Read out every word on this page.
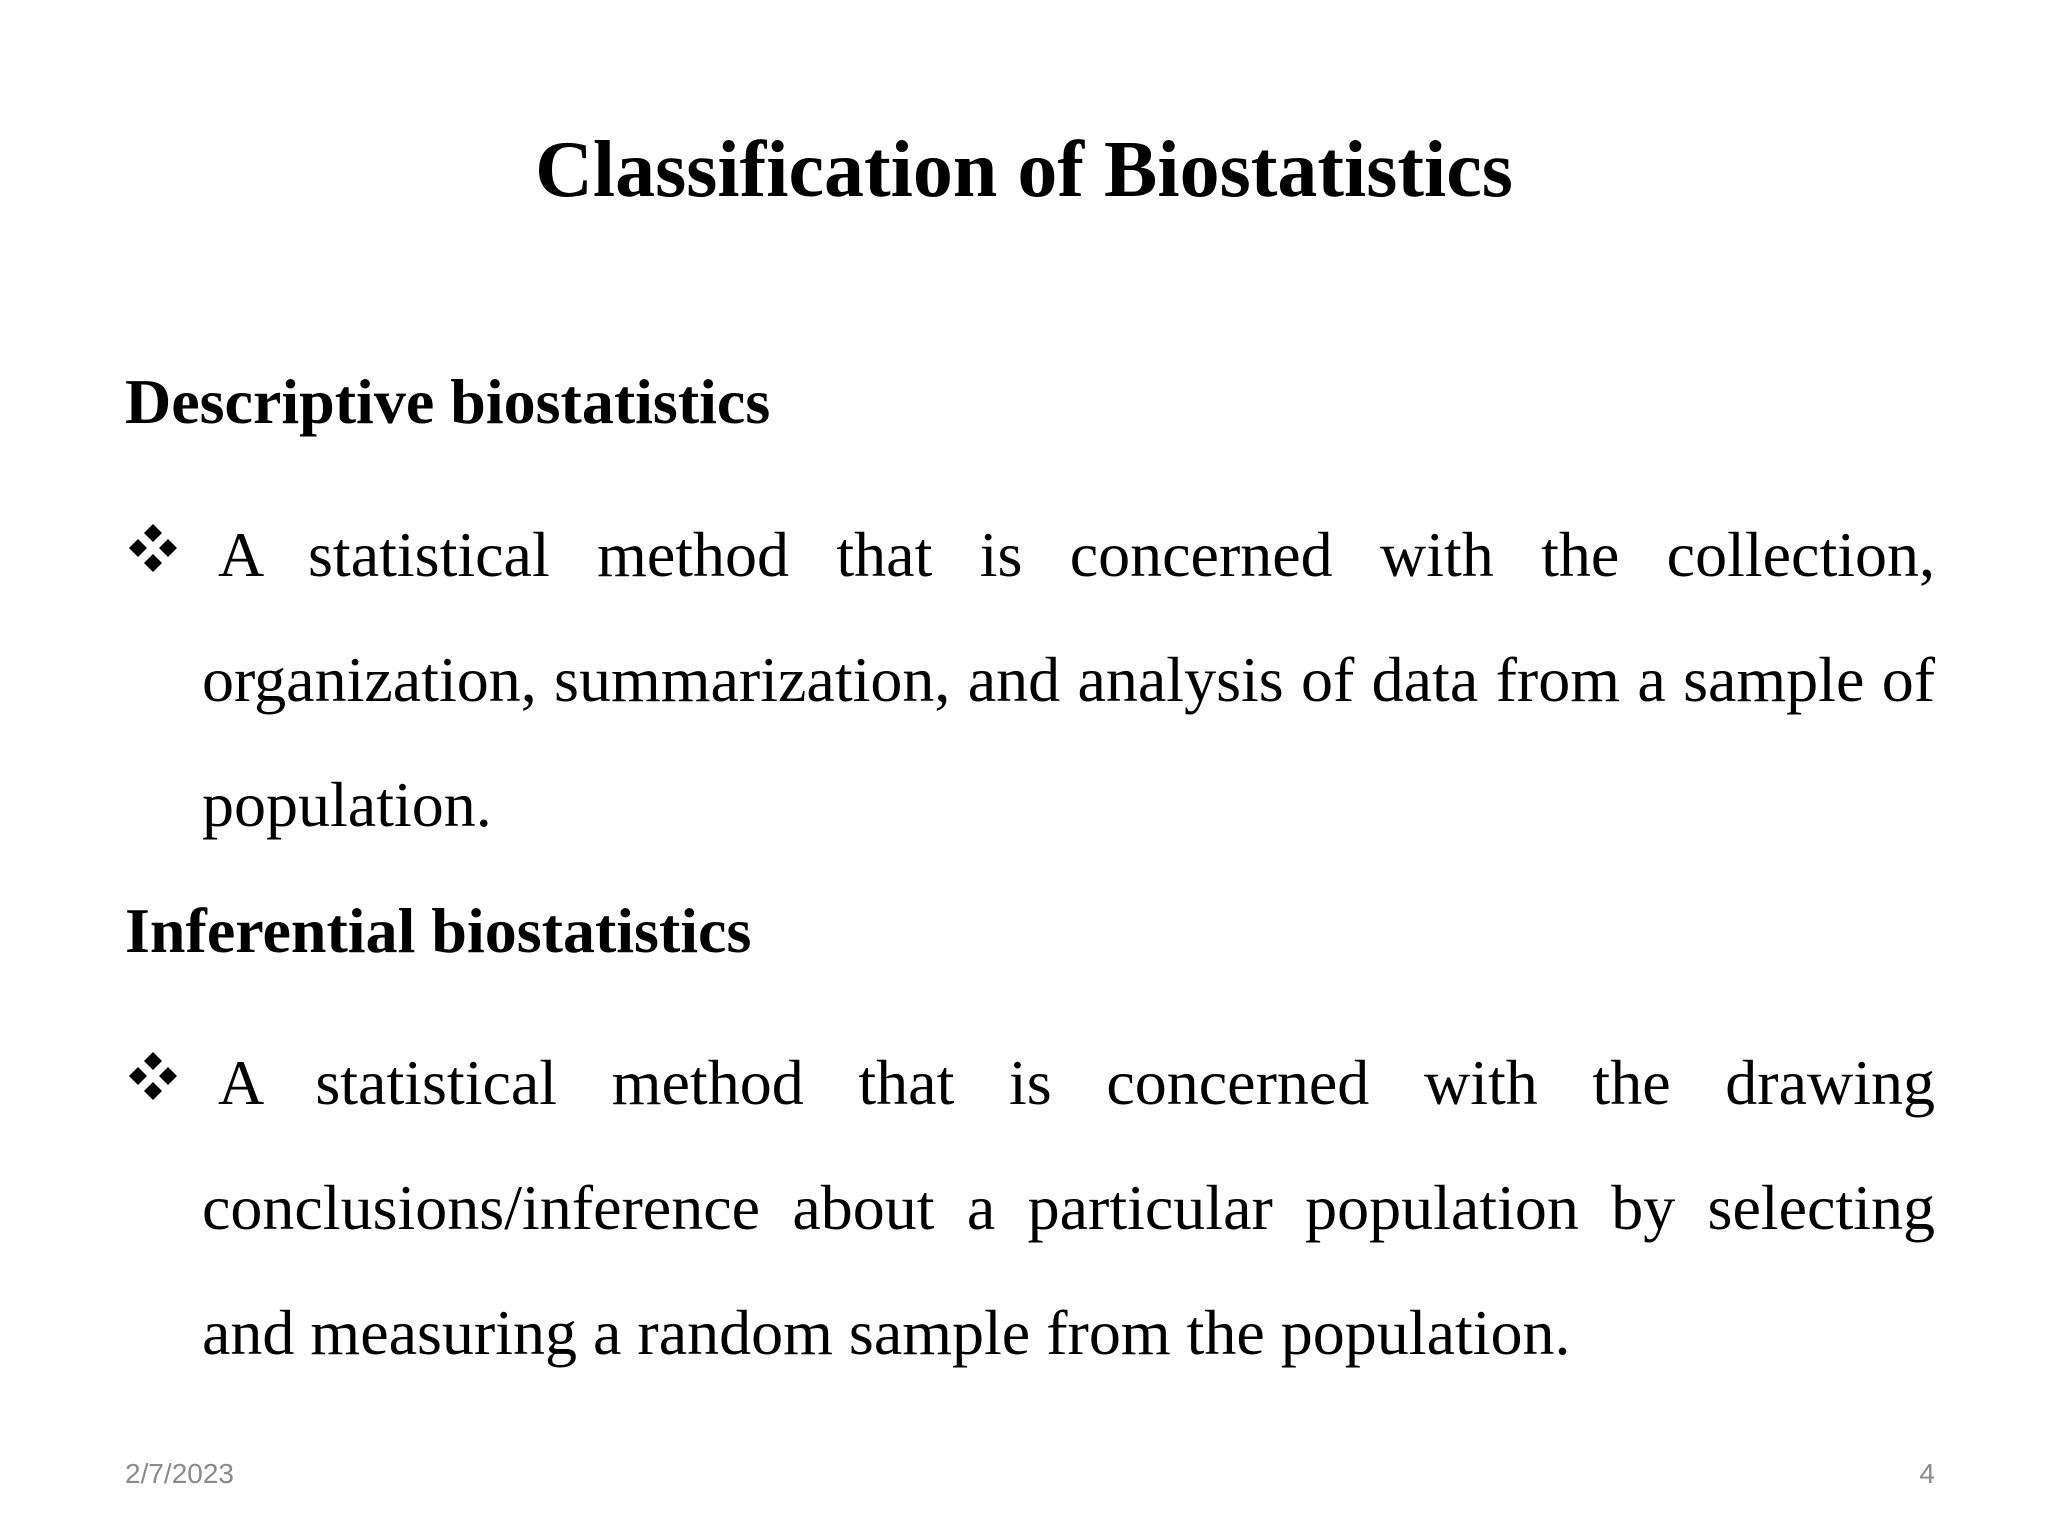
Classification of Biostatistics
Descriptive biostatistics

A statistical method that is concerned with the collection, organization, summarization, and analysis of data from a sample of population.

Inferential biostatistics

A statistical method that is concerned with the drawing conclusions/inference about a particular population by selecting and measuring a random sample from the population.

2/7/2023	4
